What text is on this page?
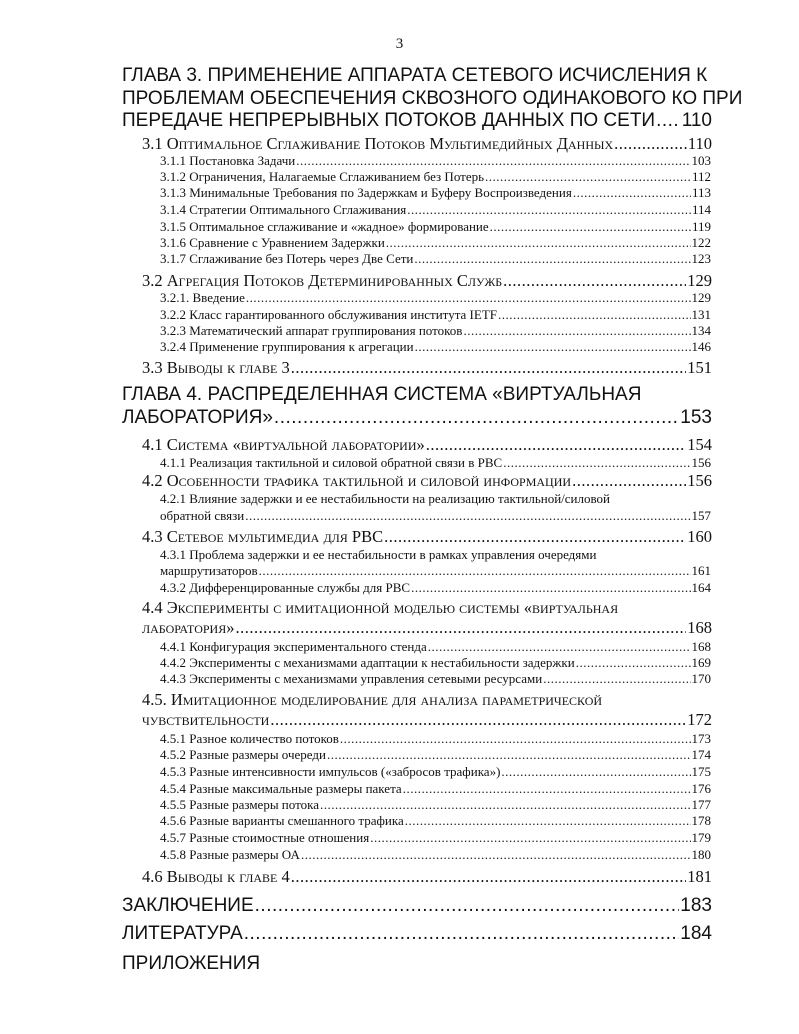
3
ГЛАВА 3. ПРИМЕНЕНИЕ АППАРАТА СЕТЕВОГО ИСЧИСЛЕНИЯ К
ПРОБЛЕМАМ ОБЕСПЕЧЕНИЯ СКВОЗНОГО ОДИНАКОВОГО КО ПРИ
ПЕРЕДАЧЕ НЕПРЕРЫВНЫХ ПОТОКОВ ДАННЫХ ПО СЕТИ ..... 110
3.1 Оптимальное Сглаживание Потоков Мультимедийных Данных .....	110
3.1.1 Постановка Задачи .....	103
3.1.2 Ограничения, Налагаемые Сглаживанием без Потерь .....	112
3.1.3 Минимальные Требования по Задержкам и Буферу Воспроизведения .....	113
3.1.4 Стратегии Оптимального Сглаживания .....	114
3.1.5 Оптимальное сглаживание и «жадное» формирование .....	119
3.1.6 Сравнение с Уравнением Задержки .....	122
3.1.7 Сглаживание без Потерь через Две Сети .....	123
3.2 Агрегация Потоков Детерминированных Служб .....	129
3.2.1. Введение .....	129
3.2.2 Класс гарантированного обслуживания института IETF .....	131
3.2.3 Математический аппарат группирования потоков .....	134
3.2.4 Применение группирования к агрегации .....	146
3.3 Выводы к главе 3 .....	151
ГЛАВА 4. РАСПРЕДЕЛЕННАЯ СИСТЕМА «ВИРТУАЛЬНАЯ
ЛАБОРАТОРИЯ» .....	153
4.1 Система «виртуальной лаборатории» .....	154
4.1.1 Реализация тактильной и силовой обратной связи в РВС .....	156
4.2 Особенности трафика тактильной и силовой информации .....	156
4.2.1 Влияние задержки и ее нестабильности на реализацию тактильной/силовой
обратной связи .....	157
4.3 Сетевое мультимедиа для РВС .....	160
4.3.1 Проблема задержки и ее нестабильности в рамках управления очередями
маршрутизаторов .....	161
4.3.2 Дифференцированные службы для РВС .....	164
4.4 Эксперименты с имитационной моделью системы «виртуальная
лаборатория» .....	168
4.4.1 Конфигурация экспериментального стенда .....	168
4.4.2 Эксперименты с механизмами адаптации к нестабильности задержки .....	169
4.4.3 Эксперименты с механизмами управления сетевыми ресурсами .....	170
4.5. Имитационное моделирование для анализа параметрической
чувствительности .....	172
4.5.1 Разное количество потоков .....	173
4.5.2 Разные размеры очереди .....	174
4.5.3 Разные интенсивности импульсов («забросов трафика») .....	175
4.5.4 Разные максимальные размеры пакета .....	176
4.5.5 Разные размеры потока .....	177
4.5.6 Разные варианты смешанного трафика .....	178
4.5.7 Разные стоимостные отношения .....	179
4.5.8 Разные размеры ОА .....	180
4.6 Выводы к главе 4 .....	181
ЗАКЛЮЧЕНИЕ .....	183
ЛИТЕРАТУРА .....	184
ПРИЛОЖЕНИЯ
